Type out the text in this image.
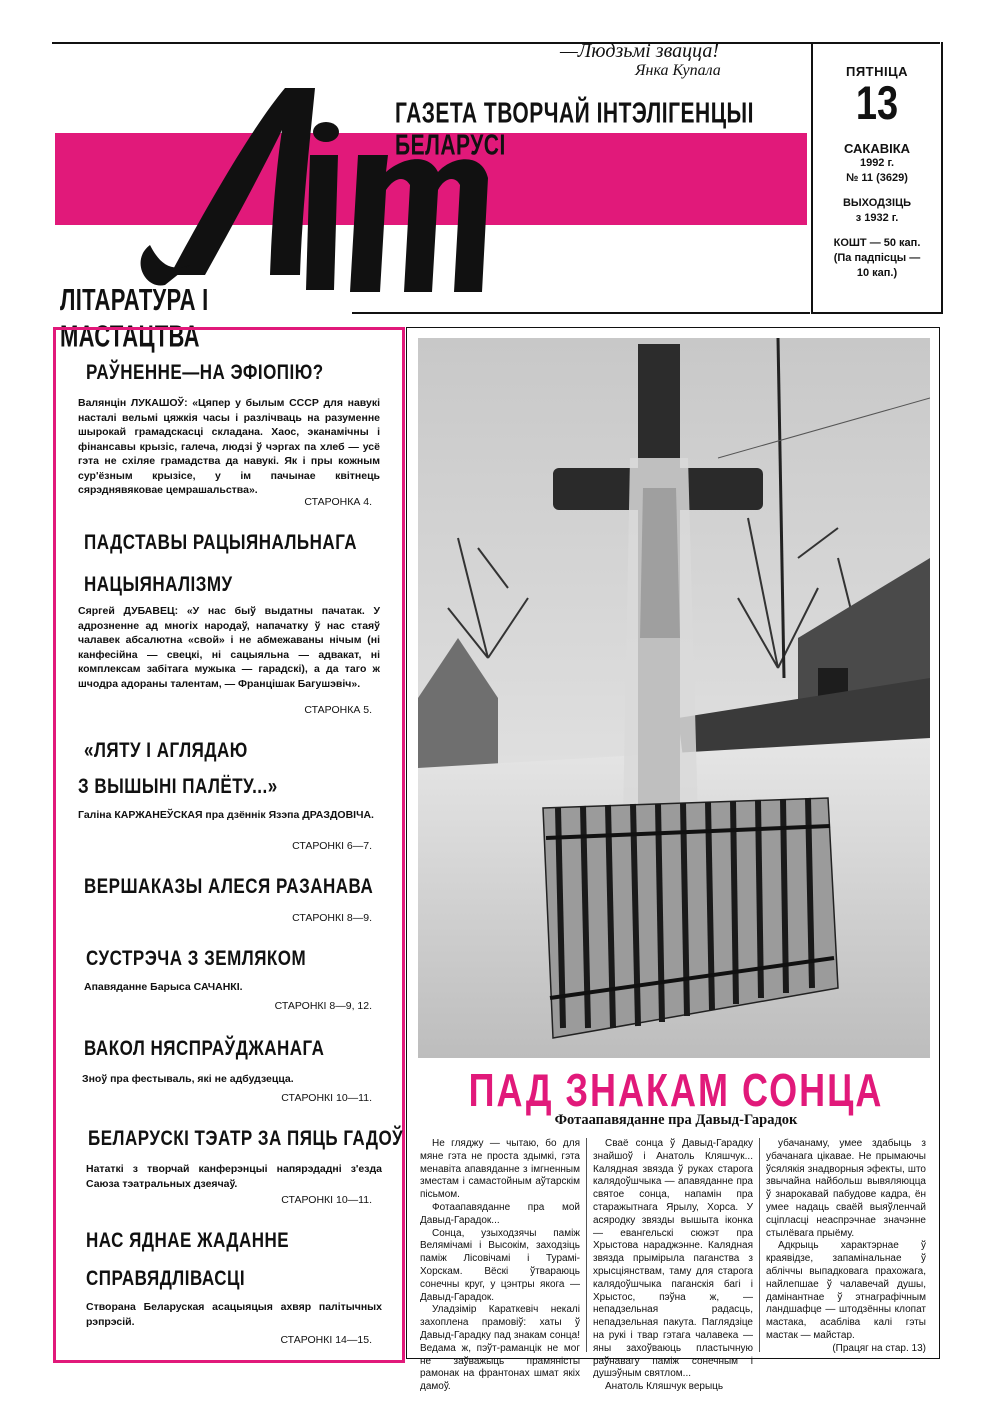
Ліm	—Людзьмі звацца!
Янка Купала
ГАЗЕТА ТВОРЧАЙ ІНТЭЛІГЕНЦЫІ БЕЛАРУСІ
ЛІТАРАТУРА І МАСТАЦТВА
ПЯТНІЦА
13
САКАВІКА
1992 г.
№ 11 (3629)
ВЫХОДЗІЦЬ
з 1932 г.
КОШТ — 50 кап.
(Па падпісцы —
10 кап.)
РАЎНЕННЕ—НА ЭФІОПІЮ?
Валянцін ЛУКАШОЎ: «Цяпер у былым СССР для навукі насталі вельмі цяжкія часы і разлічваць на разуменне шырокай грамадскасці складана. Хаос, эканамічны і фінансавы крызіс, галеча, людзі ў чэргах па хлеб — усё гэта не схіляе грамадства да навукі. Як і пры кожным сур'ёзным крызісе, у ім пачынае квітнець сярэднявяковае цемрашальства».
СТАРОНКА 4.
ПАДСТАВЫ РАЦЫЯНАЛЬНАГА
НАЦЫЯНАЛІЗМУ
Сяргей ДУБАВЕЦ: «У нас быў выдатны пачатак. У адрозненне ад многіх народаў, напачатку ў нас стаяў чалавек абсалютна «свой» і не абмежаваны нічым (ні канфесійна — свецкі, ні сацыяльна — адвакат, ні комплексам забітага мужыка — гарадскі), а да таго ж шчодра адораны талентам, — Францішак Багушэвіч».
СТАРОНКА 5.
«ЛЯТУ І АГЛЯДАЮ
З ВЫШЫНІ ПАЛЁТУ...»
Галіна КАРЖАНЕЎСКАЯ пра дзённік Язэпа ДРАЗДОВІЧА.
СТАРОНКІ 6—7.
ВЕРШАКАЗЫ АЛЕСЯ РАЗАНАВА
СТАРОНКІ 8—9.
СУСТРЭЧА З ЗЕМЛЯКОМ
Апавяданне Барыса САЧАНКІ.
СТАРОНКІ 8—9, 12.
ВАКОЛ НЯСПРАЎДЖАНАГА
Зноў пра фестываль, які не адбудзецца.
СТАРОНКІ 10—11.
БЕЛАРУСКІ ТЭАТР ЗА ПЯЦЬ ГАДОЎ
Нататкі з творчай канферэнцыі напярэдадні з'езда Саюза тэатральных дзеячаў.
СТАРОНКІ 10—11.
НАС ЯДНАЕ ЖАДАННЕ
СПРАВЯДЛІВАСЦІ
Створана Беларуская асацыяцыя ахвяр палітычных рэпрэсій.
СТАРОНКІ 14—15.
ПАД ЗНАКАМ СОНЦА
Фотаапавяданне пра Давыд-Гарадок

Не гляджу — чытаю, бо для мяне гэта не проста здымкі, гэта менавіта апавяданне з імгненным зместам і самастойным аўтарскім пісьмом.

Фотаапавяданне пра мой Давыд-Гарадок...

Сонца, узыходзячы паміж Велямічамі і Высокім, заходзіць паміж Лісовічамі і Турамі-Хорскам. Вёскі ўтвараюць сонечны круг, у цэнтры якога — Давыд-Гарадок.

Уладзімір Караткевіч некалі захоплена прамовіў: хаты ў Давыд-Гарадку пад знакам сонца! Ведама ж, пэўт-раманцік не мог не заўважыць прамяністы рамонак на франтонах шмат якіх дамоў.

Сваё сонца ў Давыд-Гарадку знайшоў і Анатоль Кляшчук... Калядная звязда ў руках старога калядоўшчыка — апавяданне пра святое сонца, напамін пра старажытнага Ярылу, Хорса. У асяродку звязды вышыта іконка — евангельскі сюжэт пра Хрыстова нараджэнне. Калядная звязда прымірыла паганства з хрысціянствам, таму для старога калядоўшчыка паганскія багі і Хрыстос, пэўна ж, — непадзельная радасць, непадзельная пакута. Паглядзіце на рукі і твар гэтага чалавека — яны захоўваюць пластычную раўнавагу паміж сонечным і душэўным святлом...

Анатоль Кляшчук верыць

убачанаму, умее здабыць з убачанага цікавае. Не прымаючы ўсялякія знадворныя эфекты, што звычайна найбольш вывяляюцца ў знарокавай пабудове кадра, ён умее надаць сваёй выяўленчай сціпласці неаспрэчнае значэнне стылёвага прыёму.

Адкрыць характэрнае ў краявідзе, запамінальнае ў абліччы выпадковага прахожага, найлепшае ў чалавечай душы, дамінантнае ў этнаграфічным ландшафце — штодзённы клопат мастака, асабліва калі гэты мастак — майстар.

(Працяг на стар. 13)
